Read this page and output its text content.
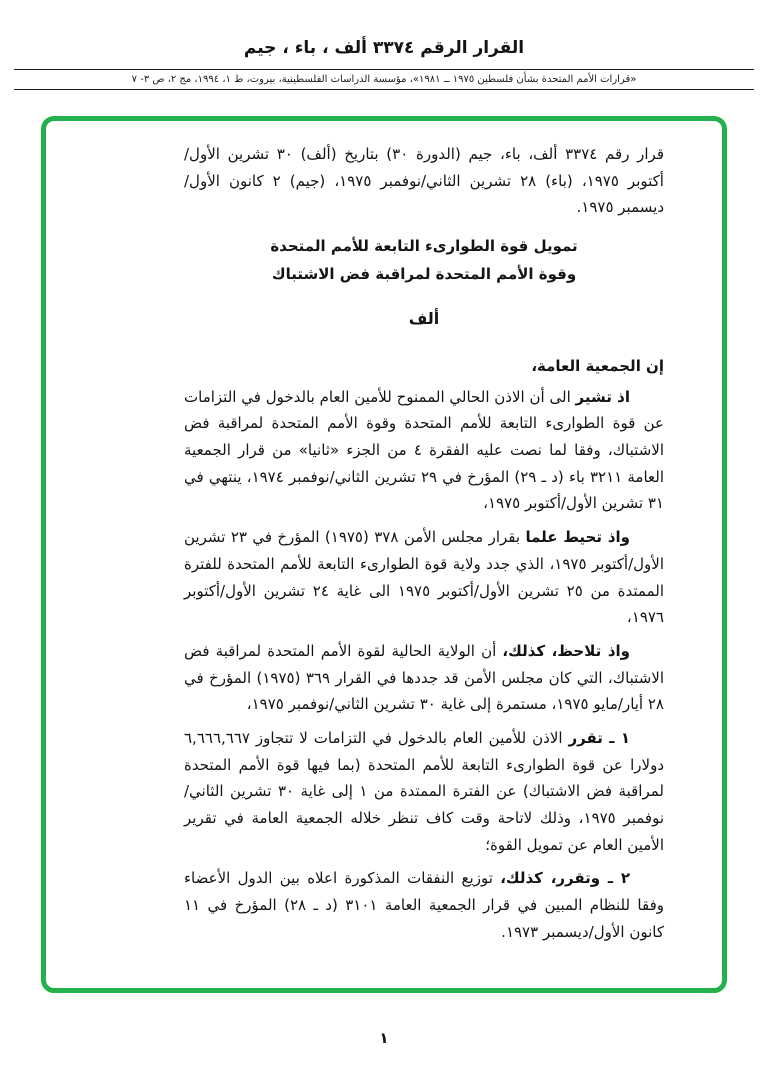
القرار الرقم ٣٣٧٤ ألف ، باء ، جيم
«قرارات الأمم المتحدة بشأن فلسطين ١٩٧٥ ــ ١٩٨١»، مؤسسة الدراسات الفلسطينية، بيروت، ط ١، ١٩٩٤، مج ٢، ص ٣- ٧

قرار رقم ٣٣٧٤ ألف، باء، جيم (الدورة ٣٠) بتاريخ (ألف) ٣٠ تشرين الأول/أكتوبر ١٩٧٥، (باء) ٢٨ تشرين الثاني/نوفمبر ١٩٧٥، (جيم) ٢ كانون الأول/ديسمبر ١٩٧٥.

تمويل قوة الطوارىء التابعة للأمم المتحدة
وقوة الأمم المتحدة لمراقبة فض الاشتباك
ألف

إن الجمعية العامة،

اذ تشير الى أن الاذن الحالي الممنوح للأمين العام بالدخول في التزامات عن قوة الطوارىء التابعة للأمم المتحدة وقوة الأمم المتحدة لمراقبة فض الاشتباك، وفقا لما نصت عليه الفقرة ٤ من الجزء «ثانيا» من قرار الجمعية العامة ٣٢١١ باء (د ـ ٢٩) المؤرخ في ٢٩ تشرين الثاني/نوفمبر ١٩٧٤، ينتهي في ٣١ تشرين الأول/أكتوبر ١٩٧٥،

واذ تحيط علما بقرار مجلس الأمن ٣٧٨ (١٩٧٥) المؤرخ في ٢٣ تشرين الأول/أكتوبر ١٩٧٥، الذي جدد ولاية قوة الطوارىء التابعة للأمم المتحدة للفترة الممتدة من ٢٥ تشرين الأول/أكتوبر ١٩٧٥ الى غاية ٢٤ تشرين الأول/أكتوبر ١٩٧٦،

واذ تلاحظ، كذلك، أن الولاية الحالية لقوة الأمم المتحدة لمراقبة فض الاشتباك، التي كان مجلس الأمن قد جددها في القرار ٣٦٩ (١٩٧٥) المؤرخ في ٢٨ أيار/مايو ١٩٧٥، مستمرة إلى غاية ٣٠ تشرين الثاني/نوفمبر ١٩٧٥،

١ ـ تقرر الاذن للأمين العام بالدخول في التزامات لا تتجاوز ٦,٦٦٦,٦٦٧ دولارا عن قوة الطوارىء التابعة للأمم المتحدة (بما فيها قوة الأمم المتحدة لمراقبة فض الاشتباك) عن الفترة الممتدة من ١ إلى غاية ٣٠ تشرين الثاني/نوفمبر ١٩٧٥، وذلك لاتاحة وقت كاف تنظر خلاله الجمعية العامة في تقرير الأمين العام عن تمويل القوة؛

٢ ـ وتقرر، كذلك، توزيع النفقات المذكورة اعلاه بين الدول الأعضاء وفقا للنظام المبين في قرار الجمعية العامة ٣١٠١ (د ـ ٢٨) المؤرخ في ١١ كانون الأول/ديسمبر ١٩٧٣.

١
